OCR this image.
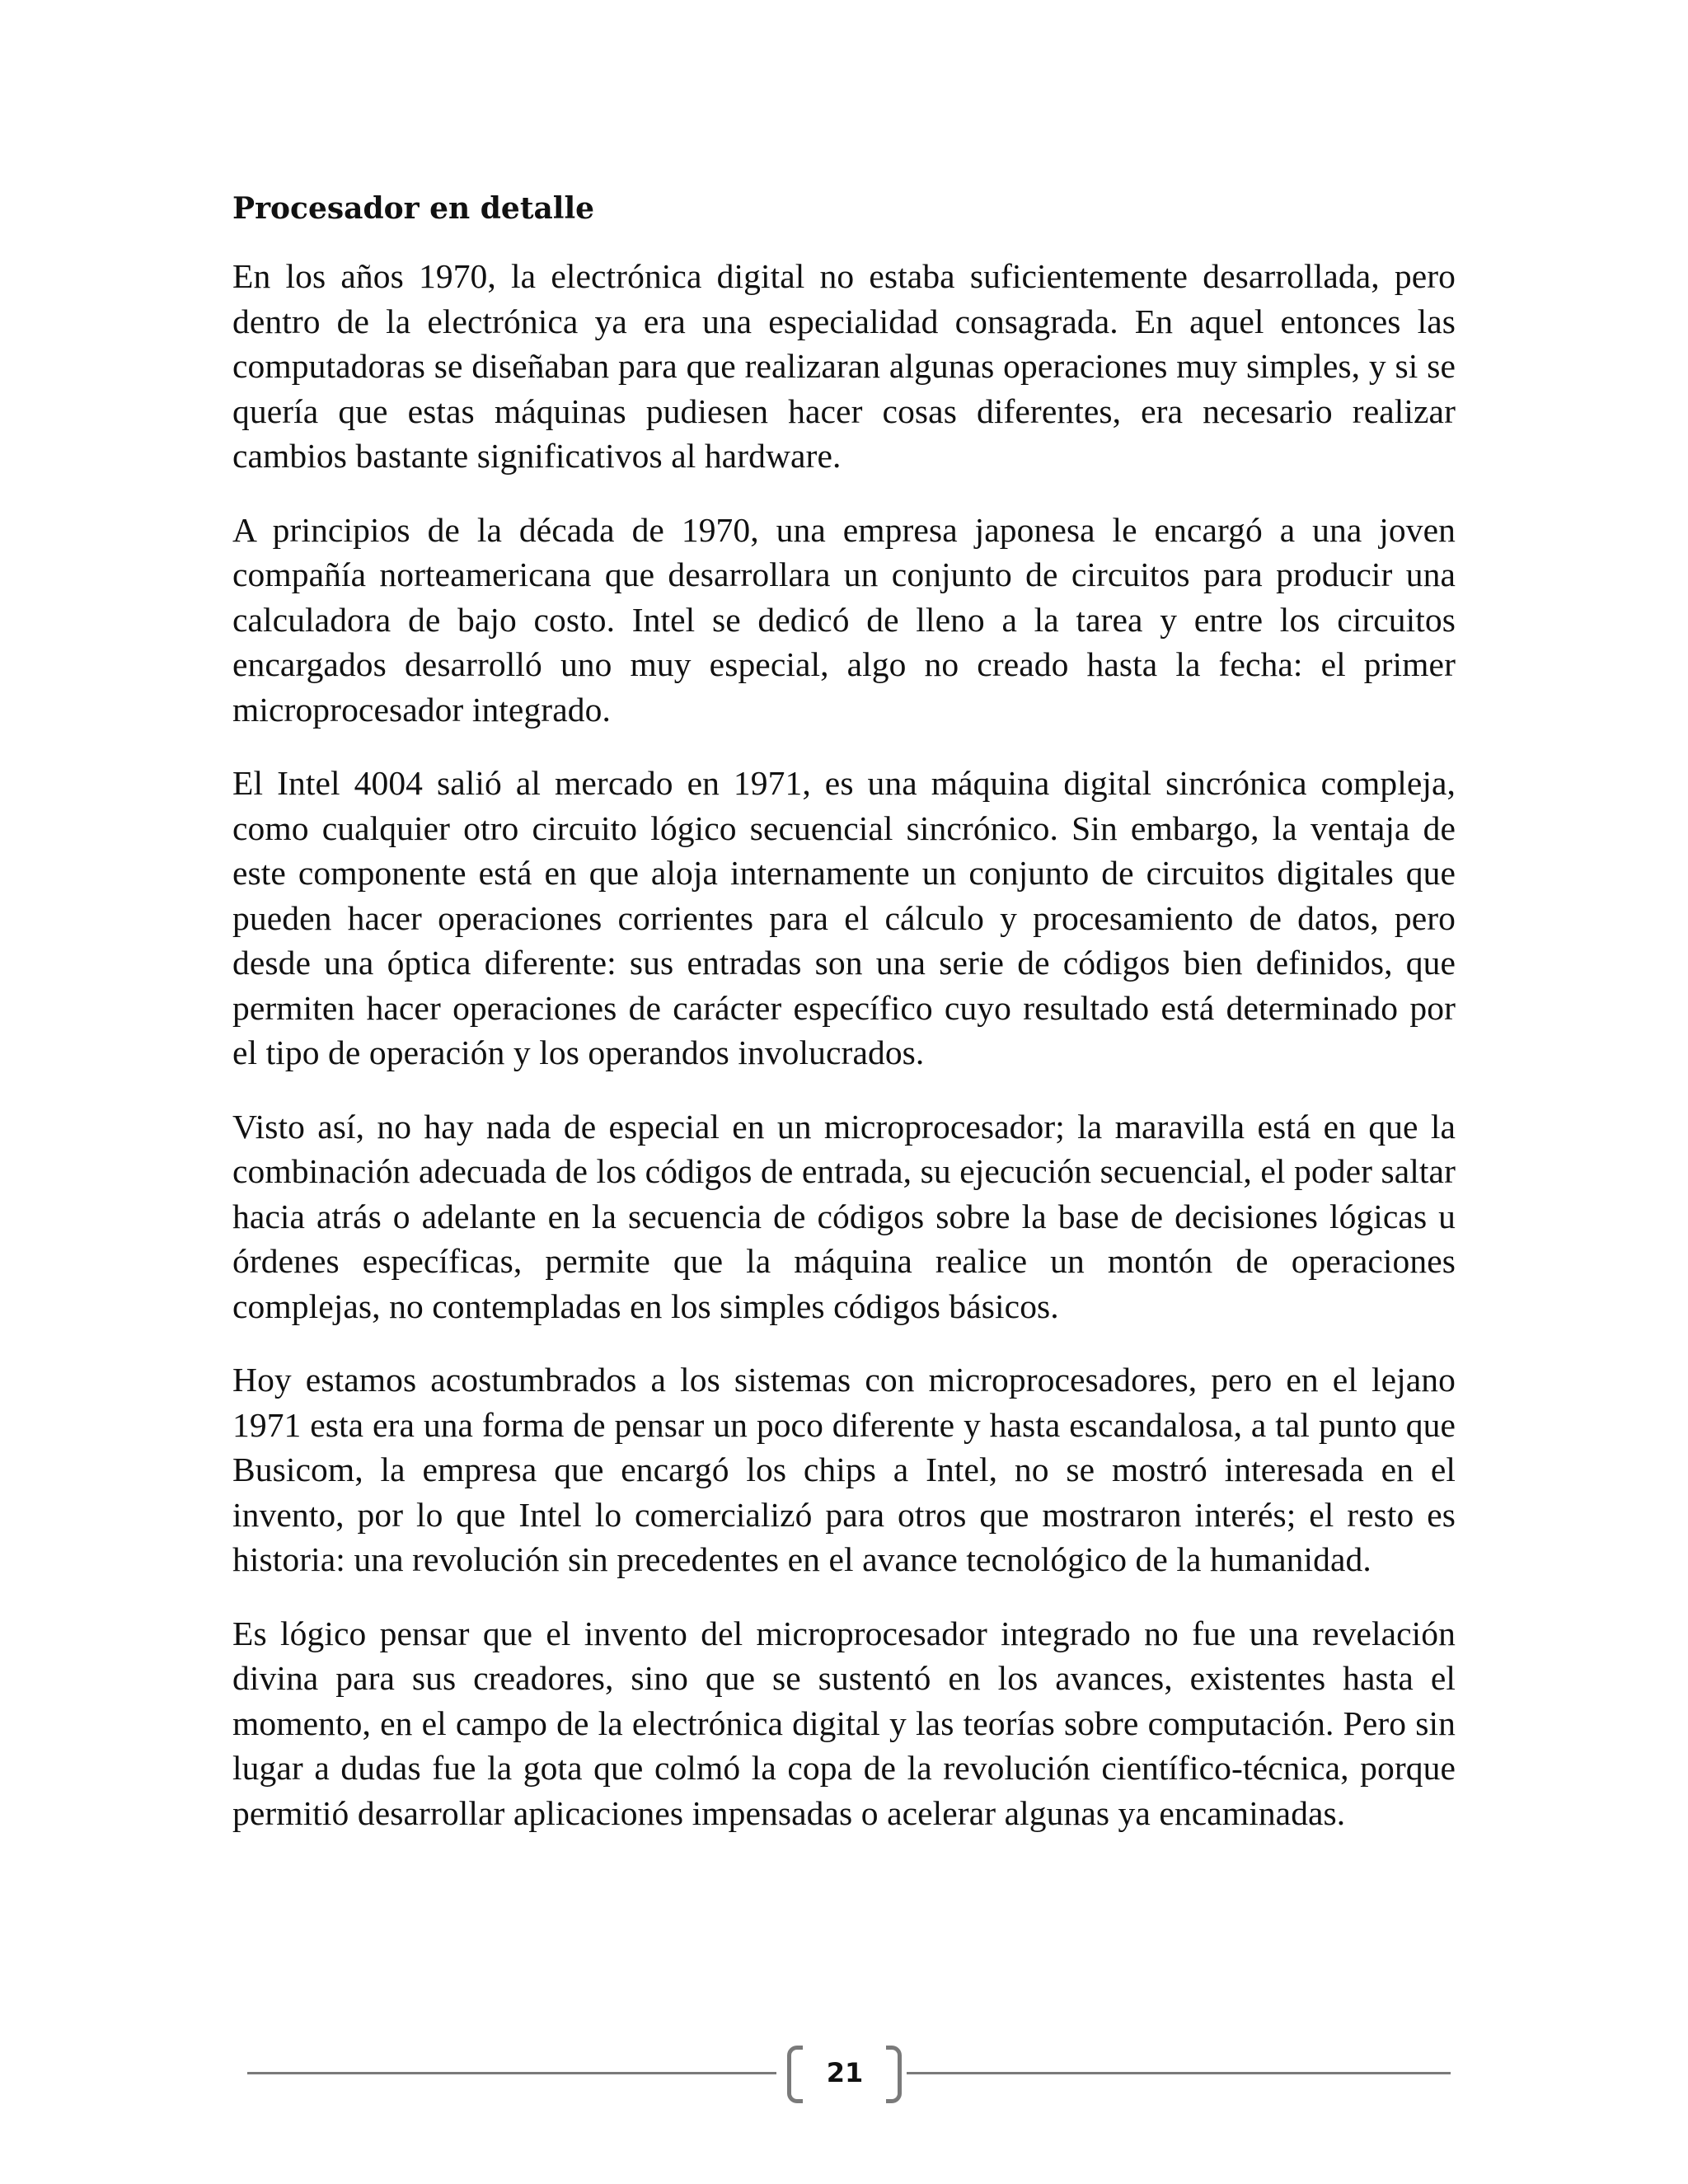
Procesador en detalle

En los años 1970, la electrónica digital no estaba suficientemente desarrollada, pero dentro de la electrónica ya era una especialidad consagrada. En aquel entonces las computadoras se diseñaban para que realizaran algunas operaciones muy simples, y si se quería que estas máquinas pudiesen hacer cosas diferentes, era necesario realizar cambios bastante significativos al hardware.

A principios de la década de 1970, una empresa japonesa le encargó a una joven compañía norteamericana que desarrollara un conjunto de circuitos para producir una calculadora de bajo costo. Intel se dedicó de lleno a la tarea y entre los circuitos encargados desarrolló uno muy especial, algo no creado hasta la fecha: el primer microprocesador integrado.

El Intel 4004 salió al mercado en 1971, es una máquina digital sincrónica compleja, como cualquier otro circuito lógico secuencial sincrónico. Sin embargo, la ventaja de este componente está en que aloja internamente un conjunto de circuitos digitales que pueden hacer operaciones corrientes para el cálculo y procesamiento de datos, pero desde una óptica diferente: sus entradas son una serie de códigos bien definidos, que permiten hacer operaciones de carácter específico cuyo resultado está determinado por el tipo de operación y los operandos involucrados.

Visto así, no hay nada de especial en un microprocesador; la maravilla está en que la combinación adecuada de los códigos de entrada, su ejecución secuencial, el poder saltar hacia atrás o adelante en la secuencia de códigos sobre la base de decisiones lógicas u órdenes específicas, permite que la máquina realice un montón de operaciones complejas, no contempladas en los simples códigos básicos.

Hoy estamos acostumbrados a los sistemas con microprocesadores, pero en el lejano 1971 esta era una forma de pensar un poco diferente y hasta escandalosa, a tal punto que Busicom, la empresa que encargó los chips a Intel, no se mostró interesada en el invento, por lo que Intel lo comercializó para otros que mostraron interés; el resto es historia: una revolución sin precedentes en el avance tecnológico de la humanidad.

Es lógico pensar que el invento del microprocesador integrado no fue una revelación divina para sus creadores, sino que se sustentó en los avances, existentes hasta el momento, en el campo de la electrónica digital y las teorías sobre computación. Pero sin lugar a dudas fue la gota que colmó la copa de la revolución científico-técnica, porque permitió desarrollar aplicaciones impensadas o acelerar algunas ya encaminadas.

21
